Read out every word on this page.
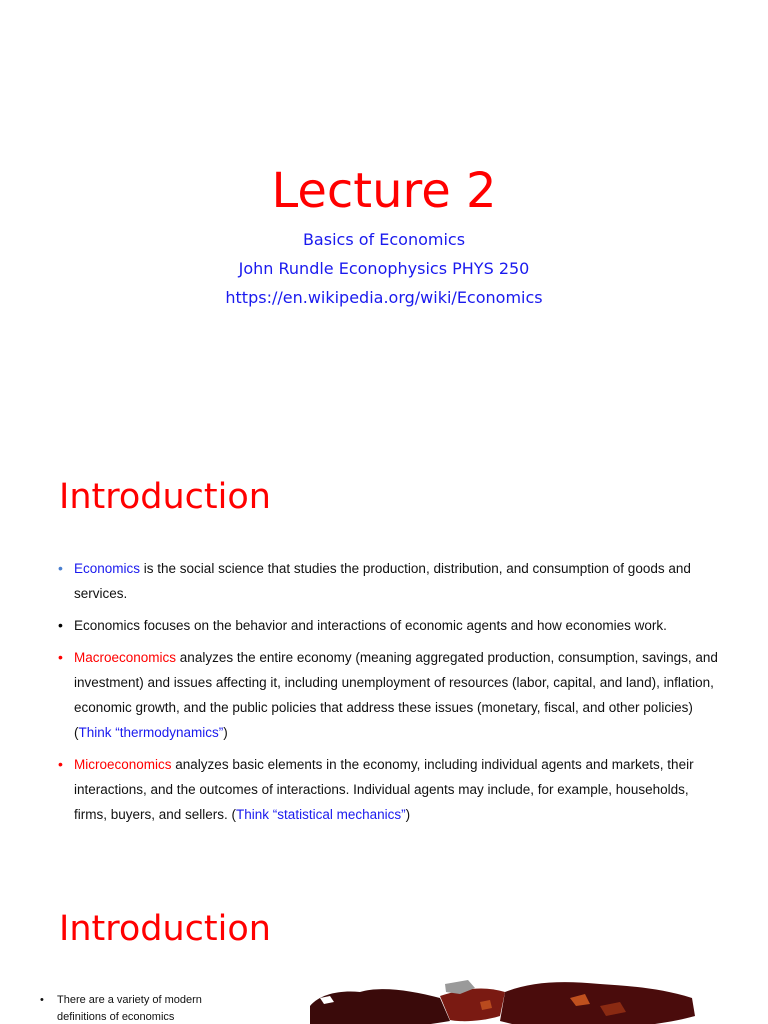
Lecture 2
Basics of Economics
John Rundle Econophysics PHYS 250
https://en.wikipedia.org/wiki/Economics
Introduction
• Economics is the social science that studies the production, distribution, and consumption of goods and services.
• Economics focuses on the behavior and interactions of economic agents and how economies work.
• Macroeconomics analyzes the entire economy (meaning aggregated production, consumption, savings, and investment) and issues affecting it, including unemployment of resources (labor, capital, and land), inflation, economic growth, and the public policies that address these issues (monetary, fiscal, and other policies) (Think “thermodynamics”)
• Microeconomics analyzes basic elements in the economy, including individual agents and markets, their interactions, and the outcomes of interactions. Individual agents may include, for example, households, firms, buyers, and sellers. (Think “statistical mechanics”)
Introduction
• There are a variety of modern definitions of economics
